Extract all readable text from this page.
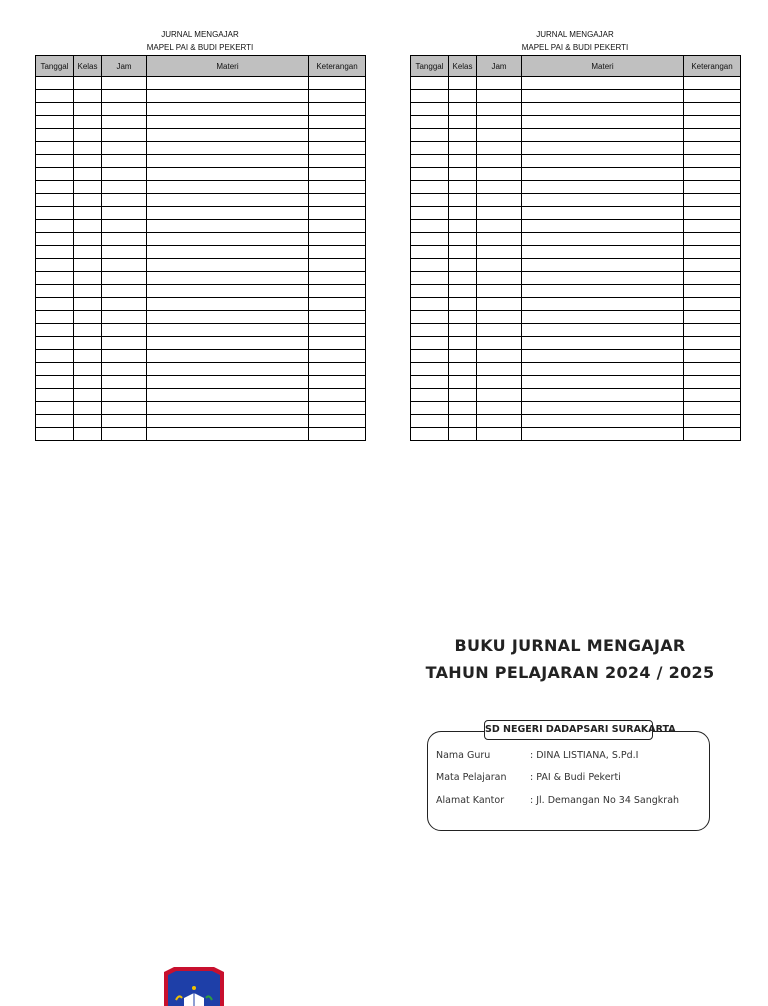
JURNAL MENGAJAR
MAPEL PAI & BUDI PEKERTI
Tanggal	Kelas	Jam	Materi	Keterangan

JURNAL MENGAJAR
MAPEL PAI & BUDI PEKERTI
Tanggal	Kelas	Jam	Materi	Keterangan

BUKU JURNAL MENGAJAR
TAHUN PELAJARAN 2024 / 2025
SD NEGERI DADAPSARI SURAKARTA
Nama Guru	: DINA LISTIANA, S.Pd.I
Mata Pelajaran : PAI & Budi Pekerti
Alamat Kantor	: Jl. Demangan No 34 Sangkrah
